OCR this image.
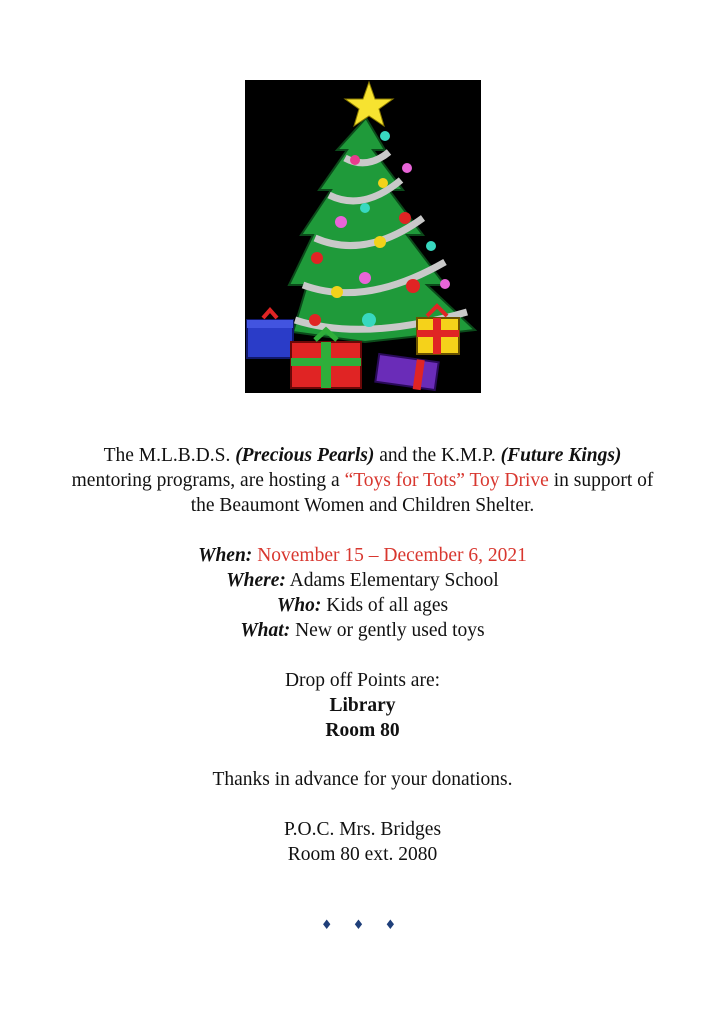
The M.L.B.D.S. (Precious Pearls) and the K.M.P. (Future Kings)
mentoring programs, are hosting a “Toys for Tots” Toy Drive in support of
the Beaumont Women and Children Shelter.
When: November 15 – December 6, 2021
Where: Adams Elementary School
Who: Kids of all ages
What: New or gently used toys
Drop off Points are:
Library
Room 80
Thanks in advance for your donations.
P.O.C. Mrs. Bridges
Room 80 ext. 2080
♦ ♦ ♦
